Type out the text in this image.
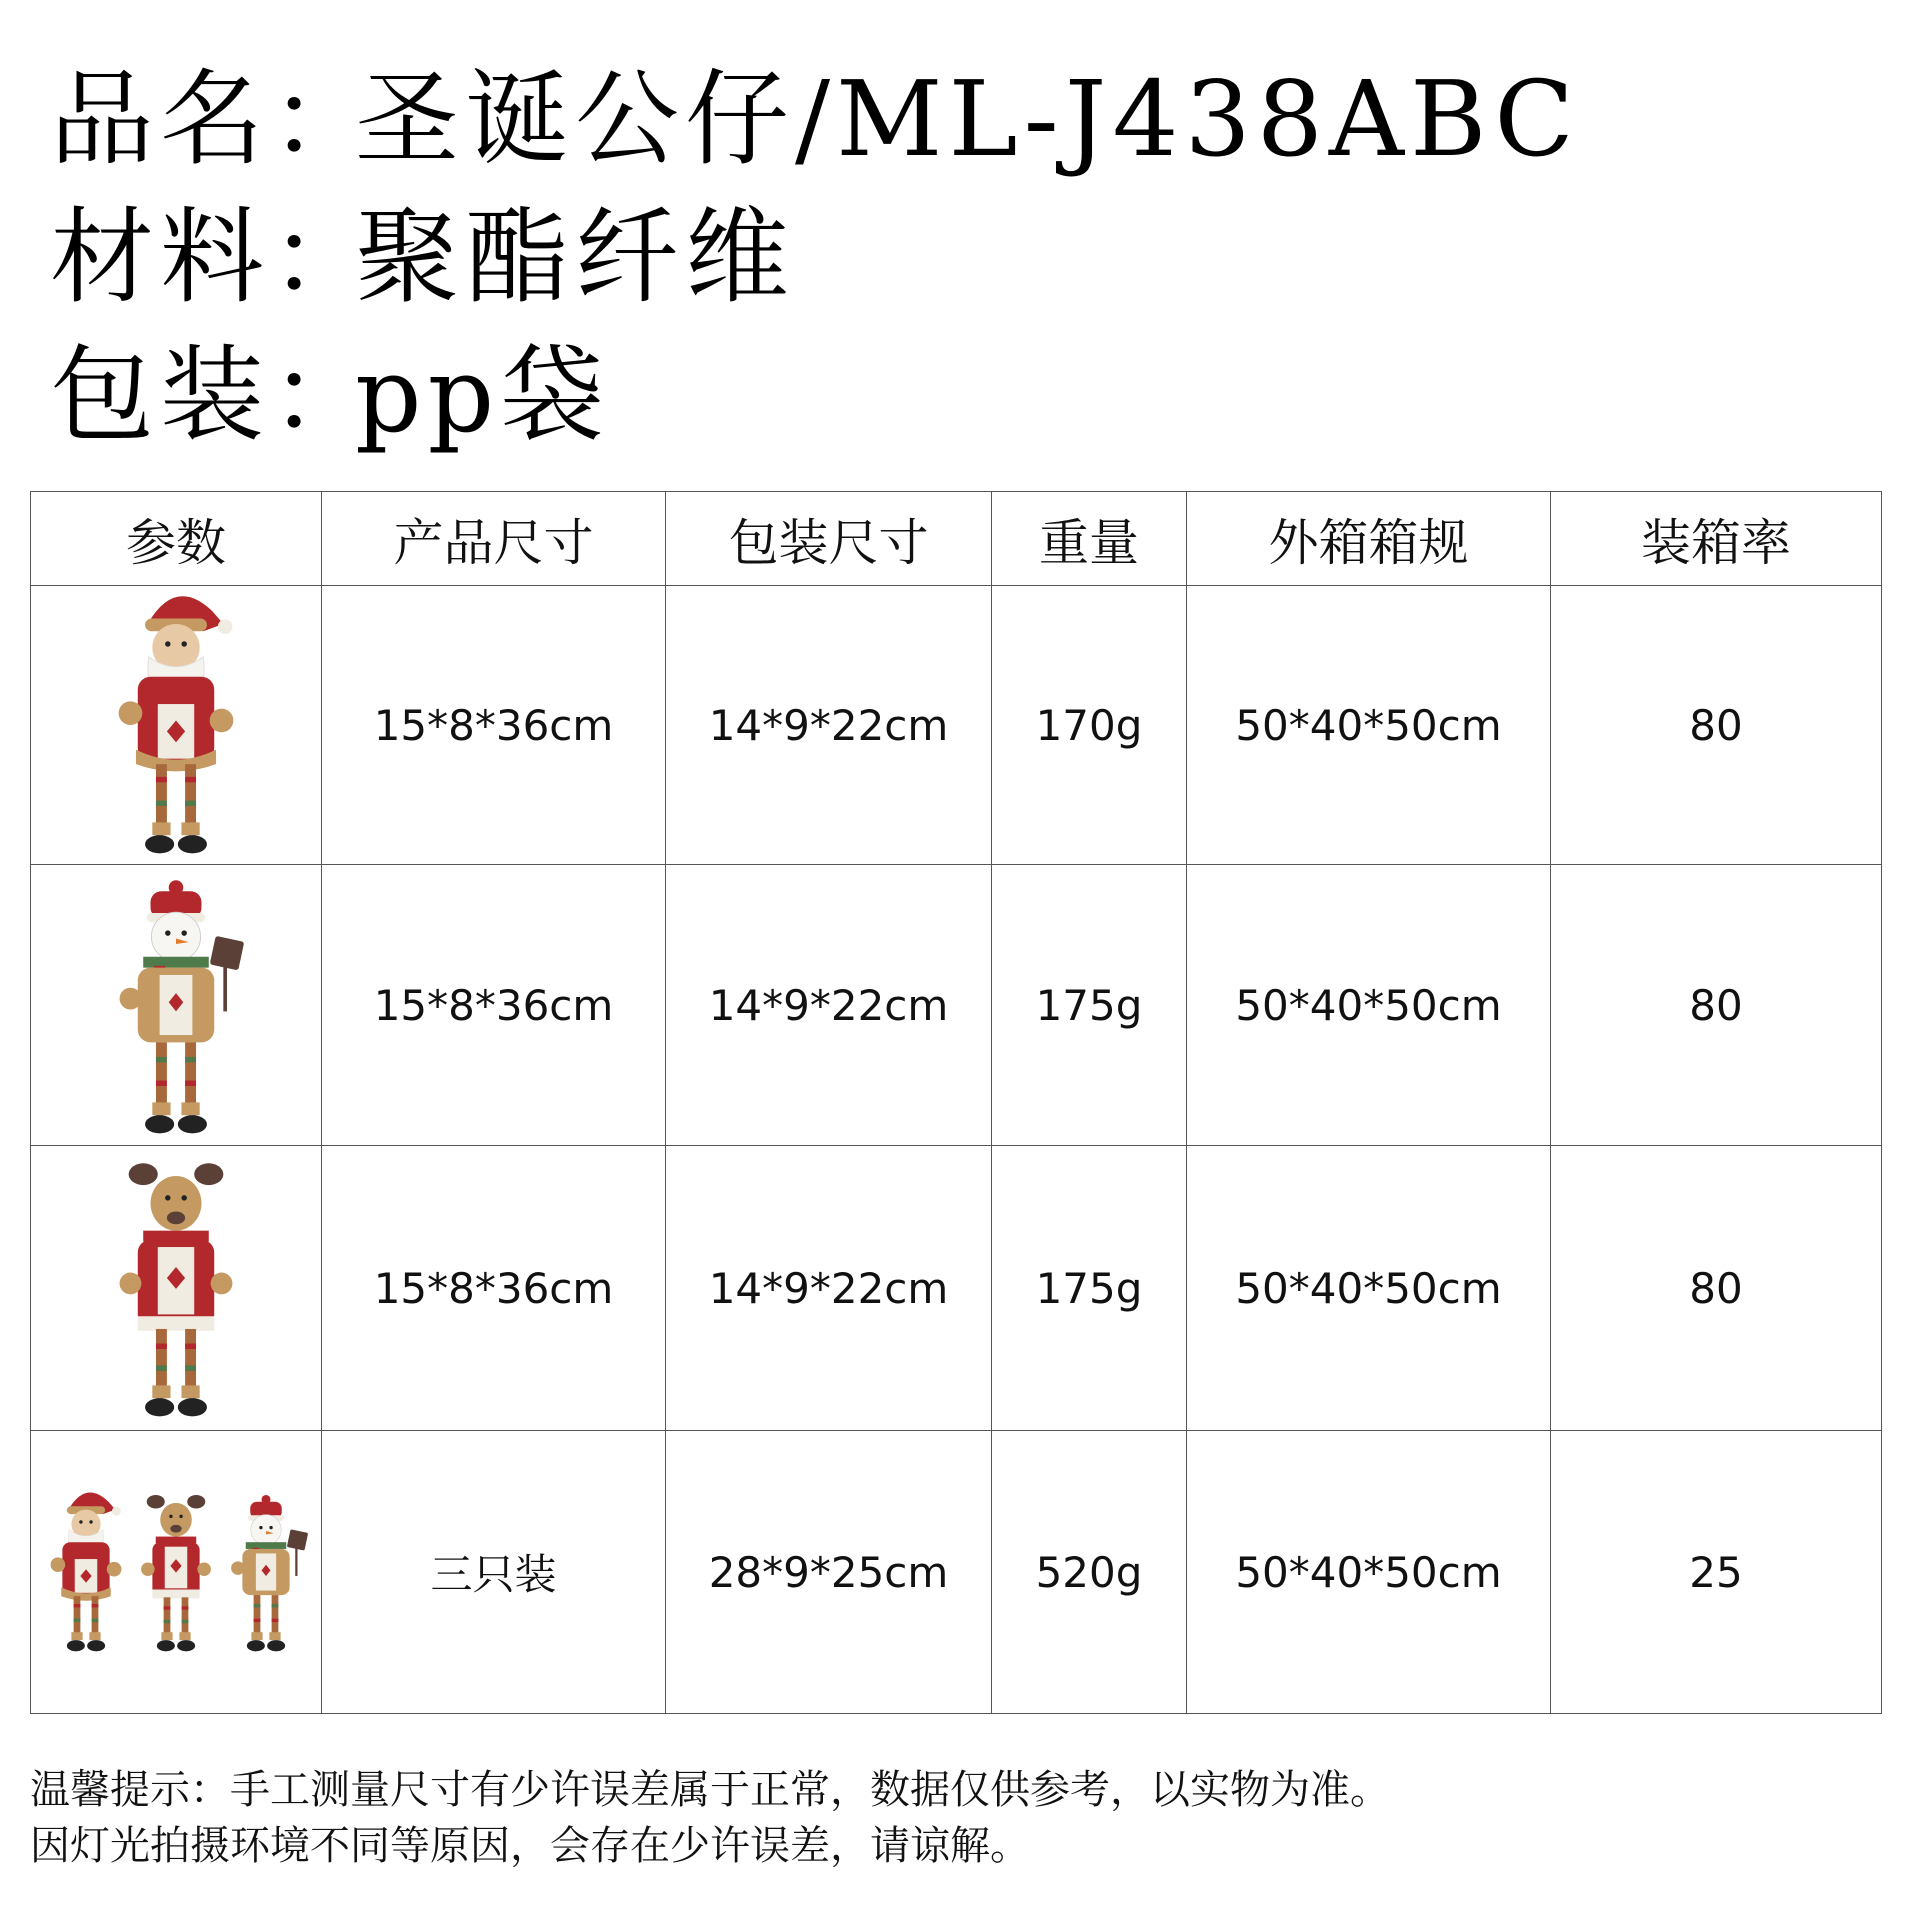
品名：圣诞公仔/ML-J438ABC
材料：聚酯纤维
包装：pp袋
参数	产品尺寸	包装尺寸	重量	外箱箱规	装箱率

	15*8*36cm	14*9*22cm	170g	50*40*50cm	80

	15*8*36cm	14*9*22cm	175g	50*40*50cm	80

	15*8*36cm	14*9*22cm	175g	50*40*50cm	80

	三只装	28*9*25cm	520g	50*40*50cm	25
温馨提示：手工测量尺寸有少许误差属于正常，数据仅供参考，以实物为准。
因灯光拍摄环境不同等原因，会存在少许误差，请谅解。
